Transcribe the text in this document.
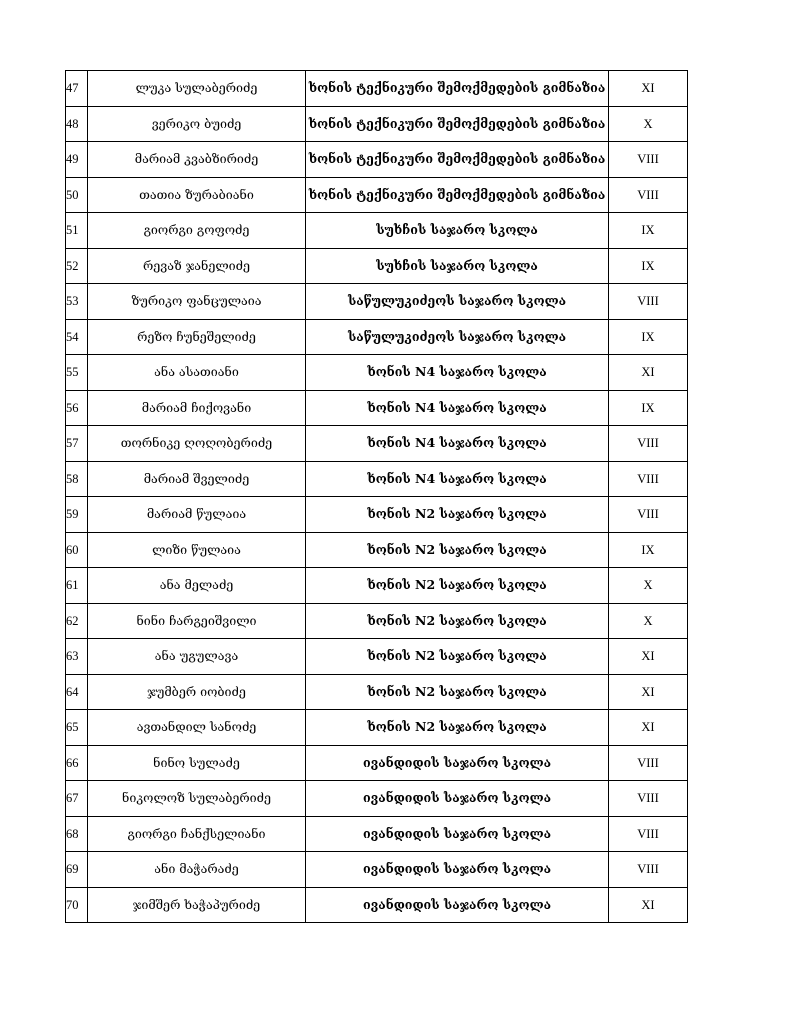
47	ლუკა სულაბერიძე	ხონის ტექნიკური შემოქმედების გიმნაზია	XI
48	ვერიკო ბუიძე	ხონის ტექნიკური შემოქმედების გიმნაზია	X
49	მარიამ კვაბზირიძე	ხონის ტექნიკური შემოქმედების გიმნაზია	VIII
50	თათია ზურაბიანი	ხონის ტექნიკური შემოქმედების გიმნაზია	VIII
51	გიორგი გოფოძე	სუხჩის საჯარო სკოლა	IX
52	რევაზ ჯანელიძე	სუხჩის საჯარო სკოლა	IX
53	ზურიკო ფანცულაია	საწულუკიძეოს საჯარო სკოლა	VIII
54	რეზო ჩუნეშელიძე	საწულუკიძეოს საჯარო სკოლა	IX
55	ანა ასათიანი	ხონის N4 საჯარო სკოლა	XI
56	მარიამ ჩიქოვანი	ხონის N4 საჯარო სკოლა	IX
57	თორნიკე ღოღობერიძე	ხონის N4 საჯარო სკოლა	VIII
58	მარიამ შველიძე	ხონის N4 საჯარო სკოლა	VIII
59	მარიამ წულაია	ხონის N2 საჯარო სკოლა	VIII
60	ლიზი წულაია	ხონის N2 საჯარო სკოლა	IX
61	ანა მელაძე	ხონის N2 საჯარო სკოლა	X
62	ნინი ჩარგეიშვილი	ხონის N2 საჯარო სკოლა	X
63	ანა უგულავა	ხონის N2 საჯარო სკოლა	XI
64	ჯუმბერ იობიძე	ხონის N2 საჯარო სკოლა	XI
65	ავთანდილ სანოძე	ხონის N2 საჯარო სკოლა	XI
66	ნინო სულაძე	ივანდიდის საჯარო სკოლა	VIII
67	ნიკოლოზ სულაბერიძე	ივანდიდის საჯარო სკოლა	VIII
68	გიორგი ჩანქსელიანი	ივანდიდის საჯარო სკოლა	VIII
69	ანი მაჭარაძე	ივანდიდის საჯარო სკოლა	VIII
70	ჯიმშერ ხაჭაპურიძე	ივანდიდის საჯარო სკოლა	XI
